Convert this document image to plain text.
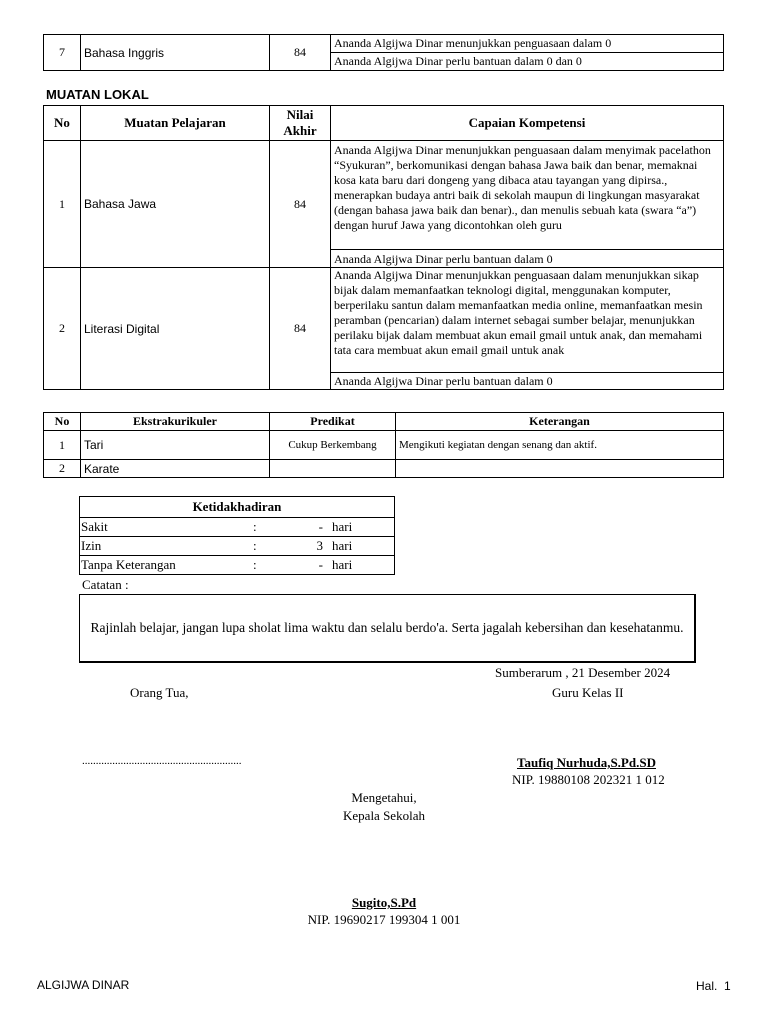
7	Bahasa Inggris	84	Ananda Algijwa Dinar menunjukkan penguasaan dalam 0
Ananda Algijwa Dinar perlu bantuan dalam 0 dan 0
MUATAN LOKAL
No	Muatan Pelajaran	Nilai Akhir	Capaian Kompetensi
1	Bahasa Jawa	84	Ananda Algijwa Dinar menunjukkan penguasaan dalam menyimak pacelathon “Syukuran”, berkomunikasi dengan bahasa Jawa baik dan benar, memaknai kosa kata baru dari dongeng yang dibaca atau tayangan yang dipirsa., menerapkan budaya antri baik di sekolah maupun di lingkungan masyarakat (dengan bahasa jawa baik dan benar)., dan menulis sebuah kata (swara “a”) dengan huruf Jawa yang dicontohkan oleh guru
			Ananda Algijwa Dinar perlu bantuan dalam 0
2	Literasi Digital	84	Ananda Algijwa Dinar menunjukkan penguasaan dalam menunjukkan sikap bijak dalam memanfaatkan teknologi digital, menggunakan komputer, berperilaku santun dalam memanfaatkan media online, memanfaatkan mesin peramban (pencarian) dalam internet sebagai sumber belajar, menunjukkan perilaku bijak dalam membuat akun email gmail untuk anak, dan memahami tata cara membuat akun email gmail untuk anak
			Ananda Algijwa Dinar perlu bantuan dalam 0
No	Ekstrakurikuler	Predikat	Keterangan
1	Tari	Cukup Berkembang	Mengikuti kegiatan dengan senang dan aktif.
2	Karate		
Ketidakhadiran
Sakit	:	- hari
Izin	:	3 hari
Tanpa Keterangan	:	- hari
Catatan :
Rajinlah belajar, jangan lupa sholat lima waktu dan selalu berdo'a. Serta jagalah kebersihan dan kesehatanmu.
Sumberarum , 21 Desember 2024
Orang Tua,	Guru Kelas II
..........................................................	Taufiq Nurhuda,S.Pd.SD
NIP. 19880108 202321 1 012
Mengetahui,
Kepala Sekolah
Sugito,S.Pd
NIP. 19690217 199304 1 001
ALGIJWA DINAR	Hal.  1
